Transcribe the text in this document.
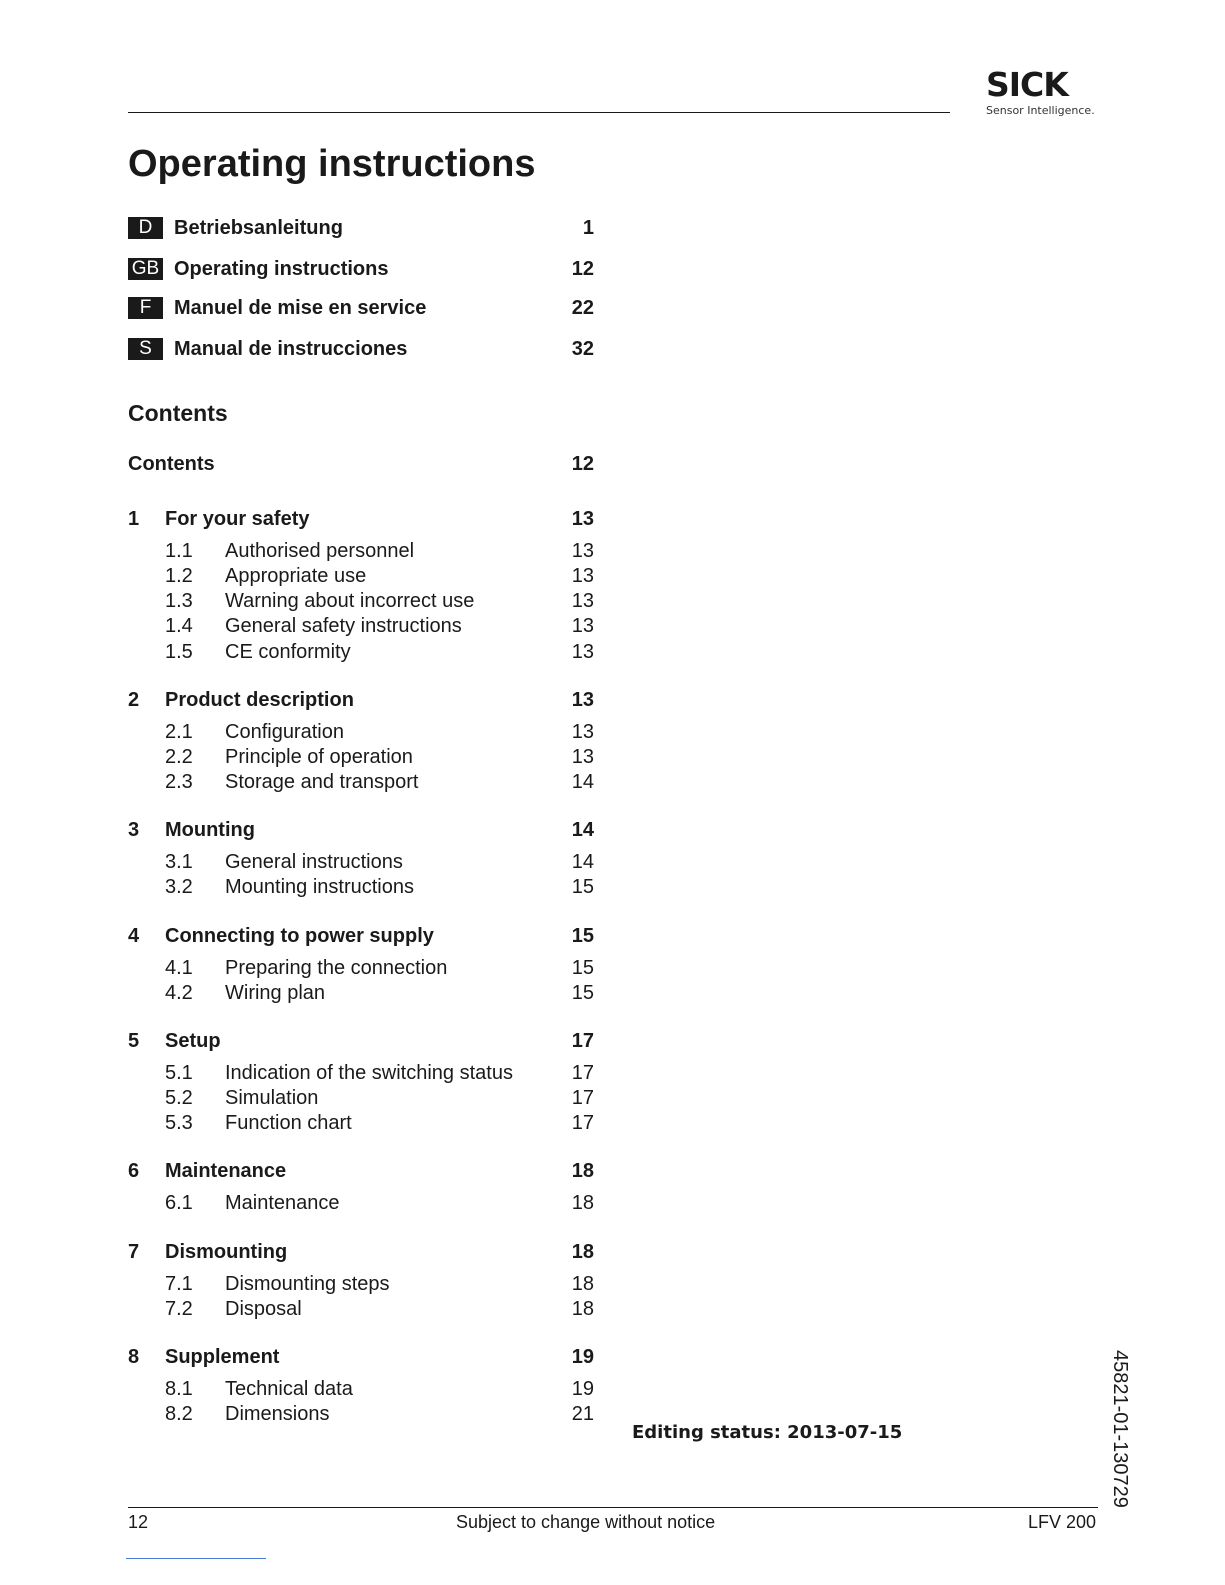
SICK
Sensor Intelligence.
Operating instructions
D	Betriebsanleitung	1
GB Operating instructions	12
F	Manuel de mise en service	22
S	Manual de instrucciones	32
Contents
Contents	12
1	For your safety	13
1.1	Authorised personnel	13
1.2	Appropriate use	13
1.3	Warning about incorrect use	13
1.4	General safety instructions	13
1.5	CE conformity	13
2	Product description	13
2.1	Configuration	13
2.2	Principle of operation	13
2.3	Storage and transport	14
3	Mounting	14
3.1	General instructions	14
3.2	Mounting instructions	15
4	Connecting to power supply	15
4.1	Preparing the connection	15
4.2	Wiring plan	15
5	Setup	17
5.1	Indication of the switching status	17
5.2	Simulation	17
5.3	Function chart	17
6	Maintenance	18
6.1	Maintenance	18
7	Dismounting	18
7.1	Dismounting steps	18
7.2	Disposal	18
8	Supplement	19
8.1	Technical data	19
8.2	Dimensions	21
Editing status: 2013-07-15	45821-01-130729
12	Subject to change without notice	LFV 200
